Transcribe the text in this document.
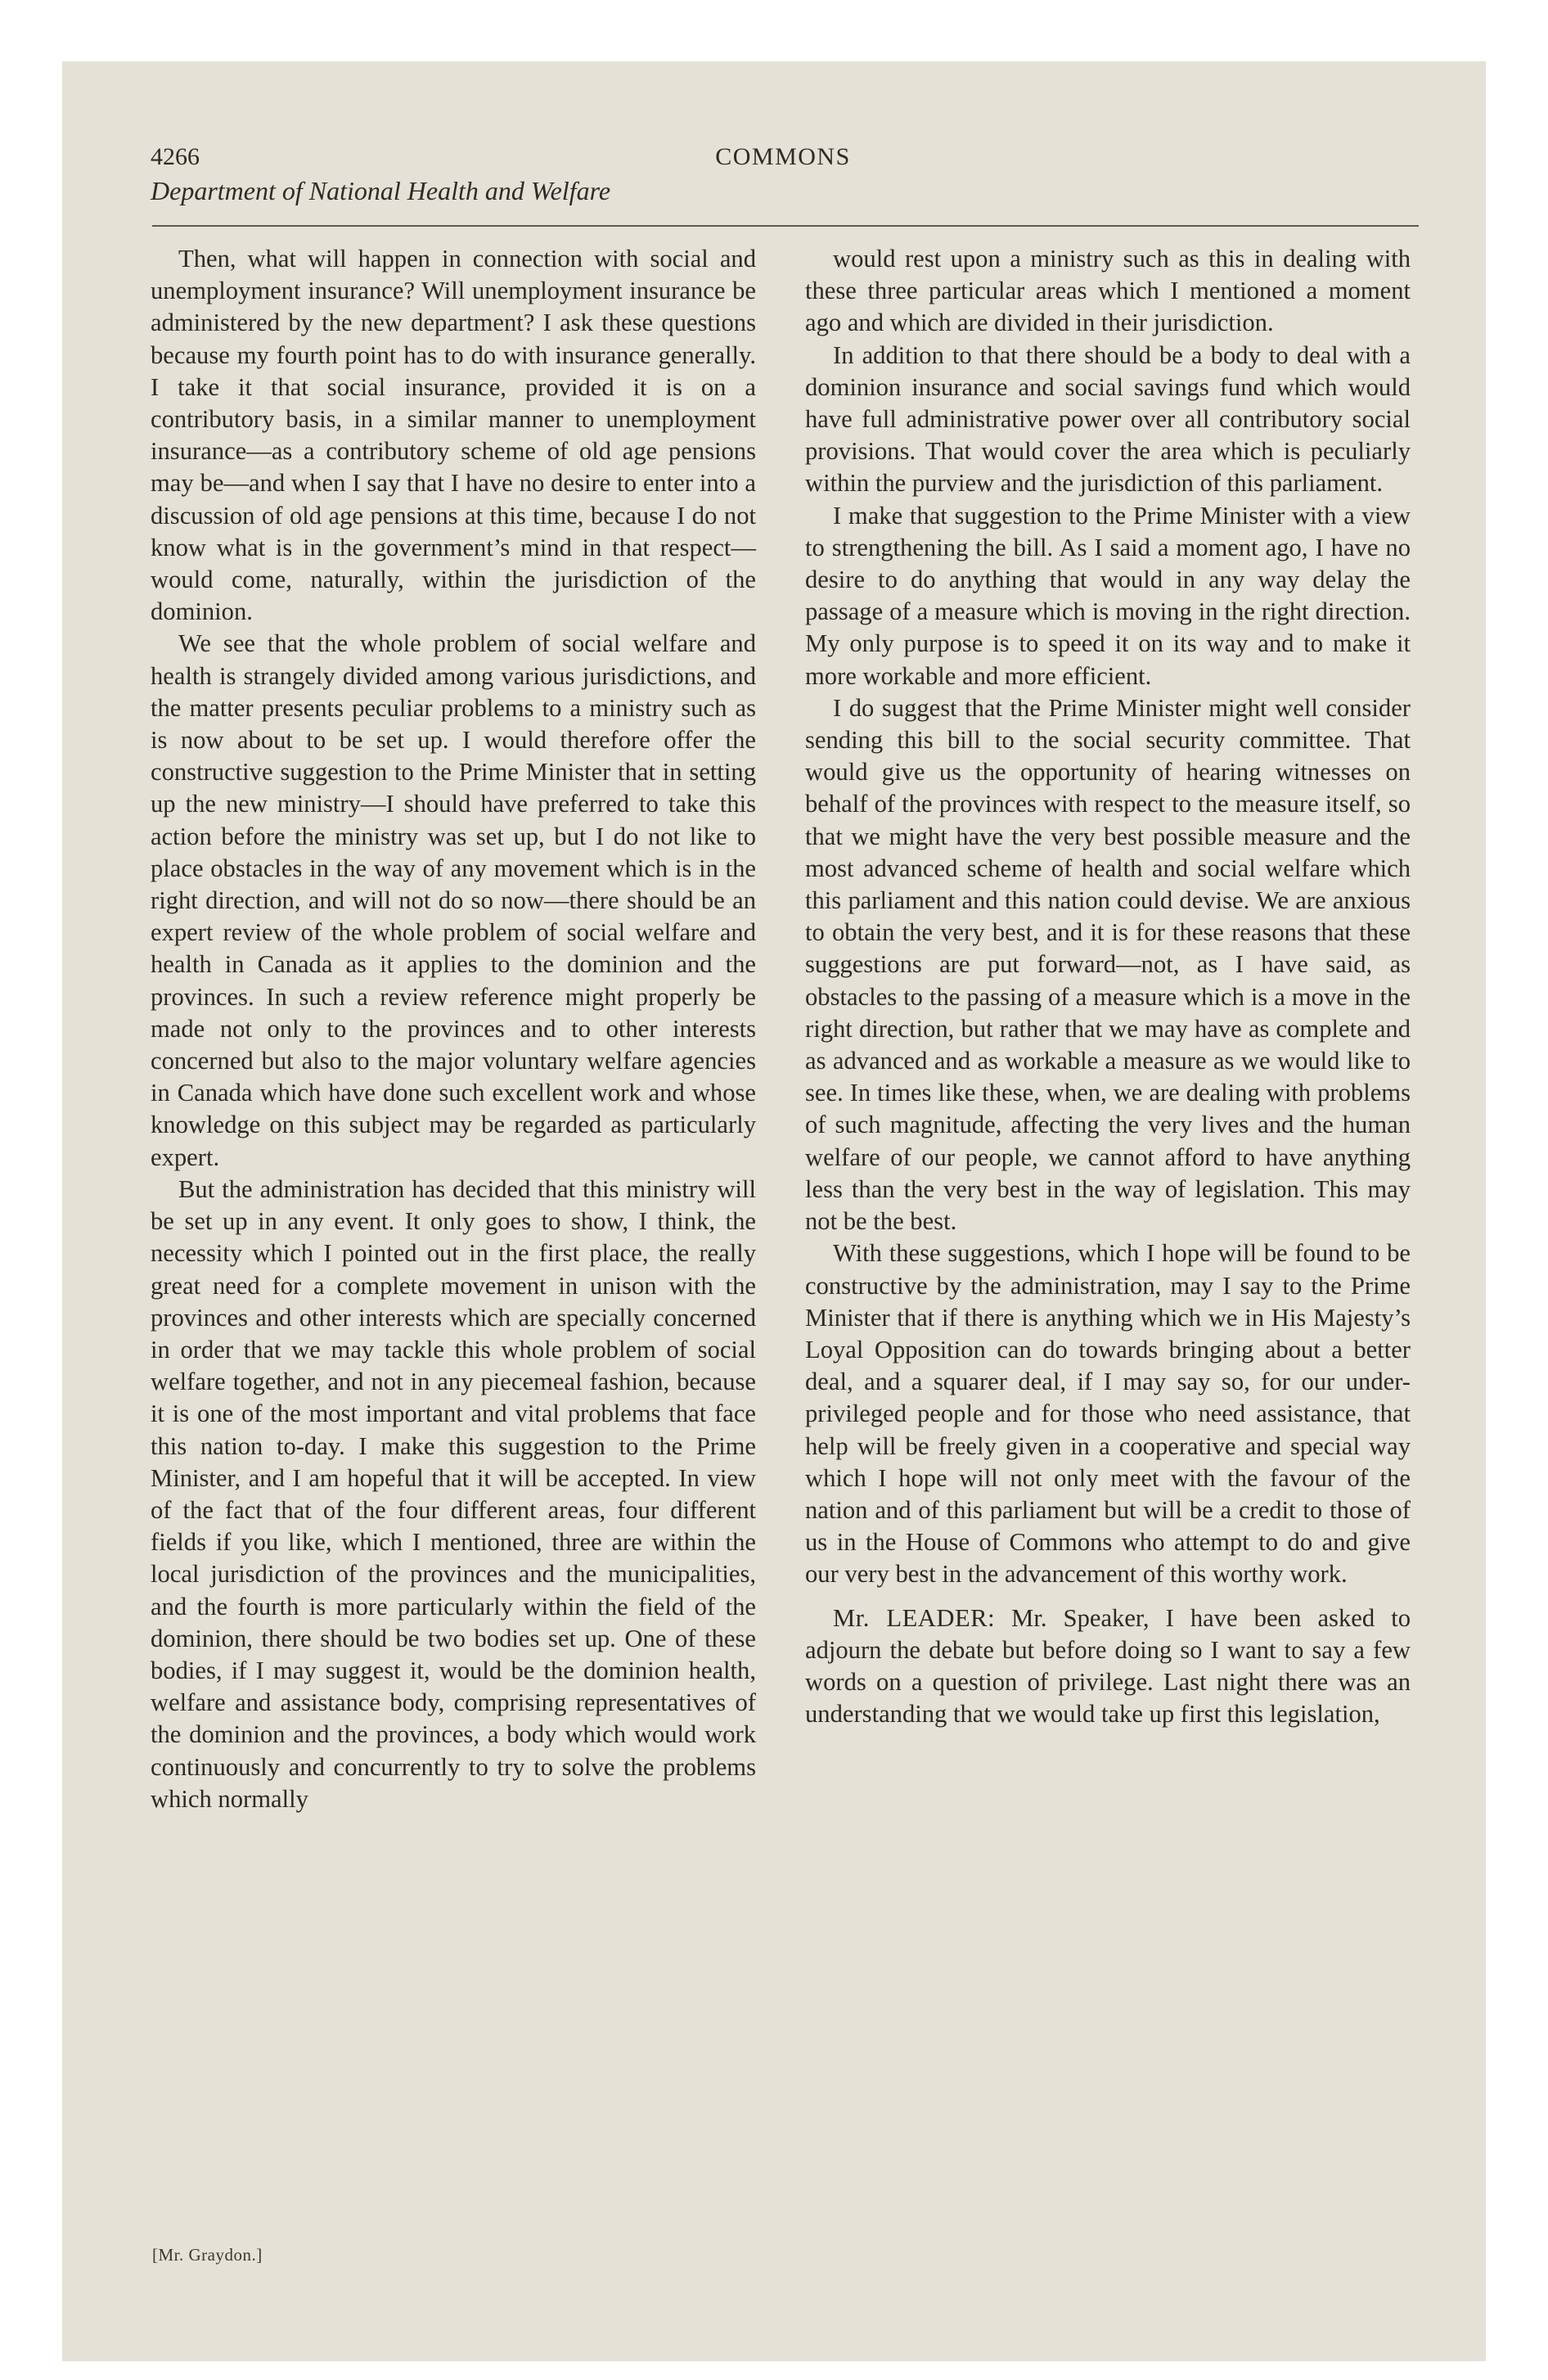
4266	COMMONS
Department of National Health and Welfare

Then, what will happen in connection with social and unemployment insurance? Will unemployment insurance be administered by the new department? I ask these questions because my fourth point has to do with insurance generally. I take it that social insurance, provided it is on a contributory basis, in a similar manner to unemployment insurance—as a contributory scheme of old age pensions may be—and when I say that I have no desire to enter into a discussion of old age pensions at this time, because I do not know what is in the government’s mind in that respect—would come, naturally, within the jurisdiction of the dominion.

We see that the whole problem of social welfare and health is strangely divided among various jurisdictions, and the matter presents peculiar problems to a ministry such as is now about to be set up. I would therefore offer the constructive suggestion to the Prime Minister that in setting up the new ministry—I should have preferred to take this action before the ministry was set up, but I do not like to place obstacles in the way of any movement which is in the right direction, and will not do so now—there should be an expert review of the whole problem of social welfare and health in Canada as it applies to the dominion and the provinces. In such a review reference might properly be made not only to the provinces and to other interests concerned but also to the major voluntary welfare agencies in Canada which have done such excellent work and whose knowledge on this subject may be regarded as particularly expert.

But the administration has decided that this ministry will be set up in any event. It only goes to show, I think, the necessity which I pointed out in the first place, the really great need for a complete movement in unison with the provinces and other interests which are specially concerned in order that we may tackle this whole problem of social welfare together, and not in any piecemeal fashion, because it is one of the most important and vital problems that face this nation to-day. I make this suggestion to the Prime Minister, and I am hopeful that it will be accepted. In view of the fact that of the four different areas, four different fields if you like, which I mentioned, three are within the local jurisdiction of the provinces and the municipalities, and the fourth is more particularly within the field of the dominion, there should be two bodies set up. One of these bodies, if I may suggest it, would be the dominion health, welfare and assistance body, comprising representatives of the dominion and the provinces, a body which would work continuously and concurrently to try to solve the problems which normally

would rest upon a ministry such as this in dealing with these three particular areas which I mentioned a moment ago and which are divided in their jurisdiction.

In addition to that there should be a body to deal with a dominion insurance and social savings fund which would have full administrative power over all contributory social provisions. That would cover the area which is peculiarly within the purview and the jurisdiction of this parliament.

I make that suggestion to the Prime Minister with a view to strengthening the bill. As I said a moment ago, I have no desire to do anything that would in any way delay the passage of a measure which is moving in the right direction. My only purpose is to speed it on its way and to make it more workable and more efficient.

I do suggest that the Prime Minister might well consider sending this bill to the social security committee. That would give us the opportunity of hearing witnesses on behalf of the provinces with respect to the measure itself, so that we might have the very best possible measure and the most advanced scheme of health and social welfare which this parliament and this nation could devise. We are anxious to obtain the very best, and it is for these reasons that these suggestions are put forward—not, as I have said, as obstacles to the passing of a measure which is a move in the right direction, but rather that we may have as complete and as advanced and as workable a measure as we would like to see. In times like these, when, we are dealing with problems of such magnitude, affecting the very lives and the human welfare of our people, we cannot afford to have anything less than the very best in the way of legislation. This may not be the best.

With these suggestions, which I hope will be found to be constructive by the administration, may I say to the Prime Minister that if there is anything which we in His Majesty’s Loyal Opposition can do towards bringing about a better deal, and a squarer deal, if I may say so, for our under-privileged people and for those who need assistance, that help will be freely given in a cooperative and special way which I hope will not only meet with the favour of the nation and of this parliament but will be a credit to those of us in the House of Commons who attempt to do and give our very best in the advancement of this worthy work.

Mr. LEADER: Mr. Speaker, I have been asked to adjourn the debate but before doing so I want to say a few words on a question of privilege. Last night there was an understanding that we would take up first this legislation,

[Mr. Graydon.]
